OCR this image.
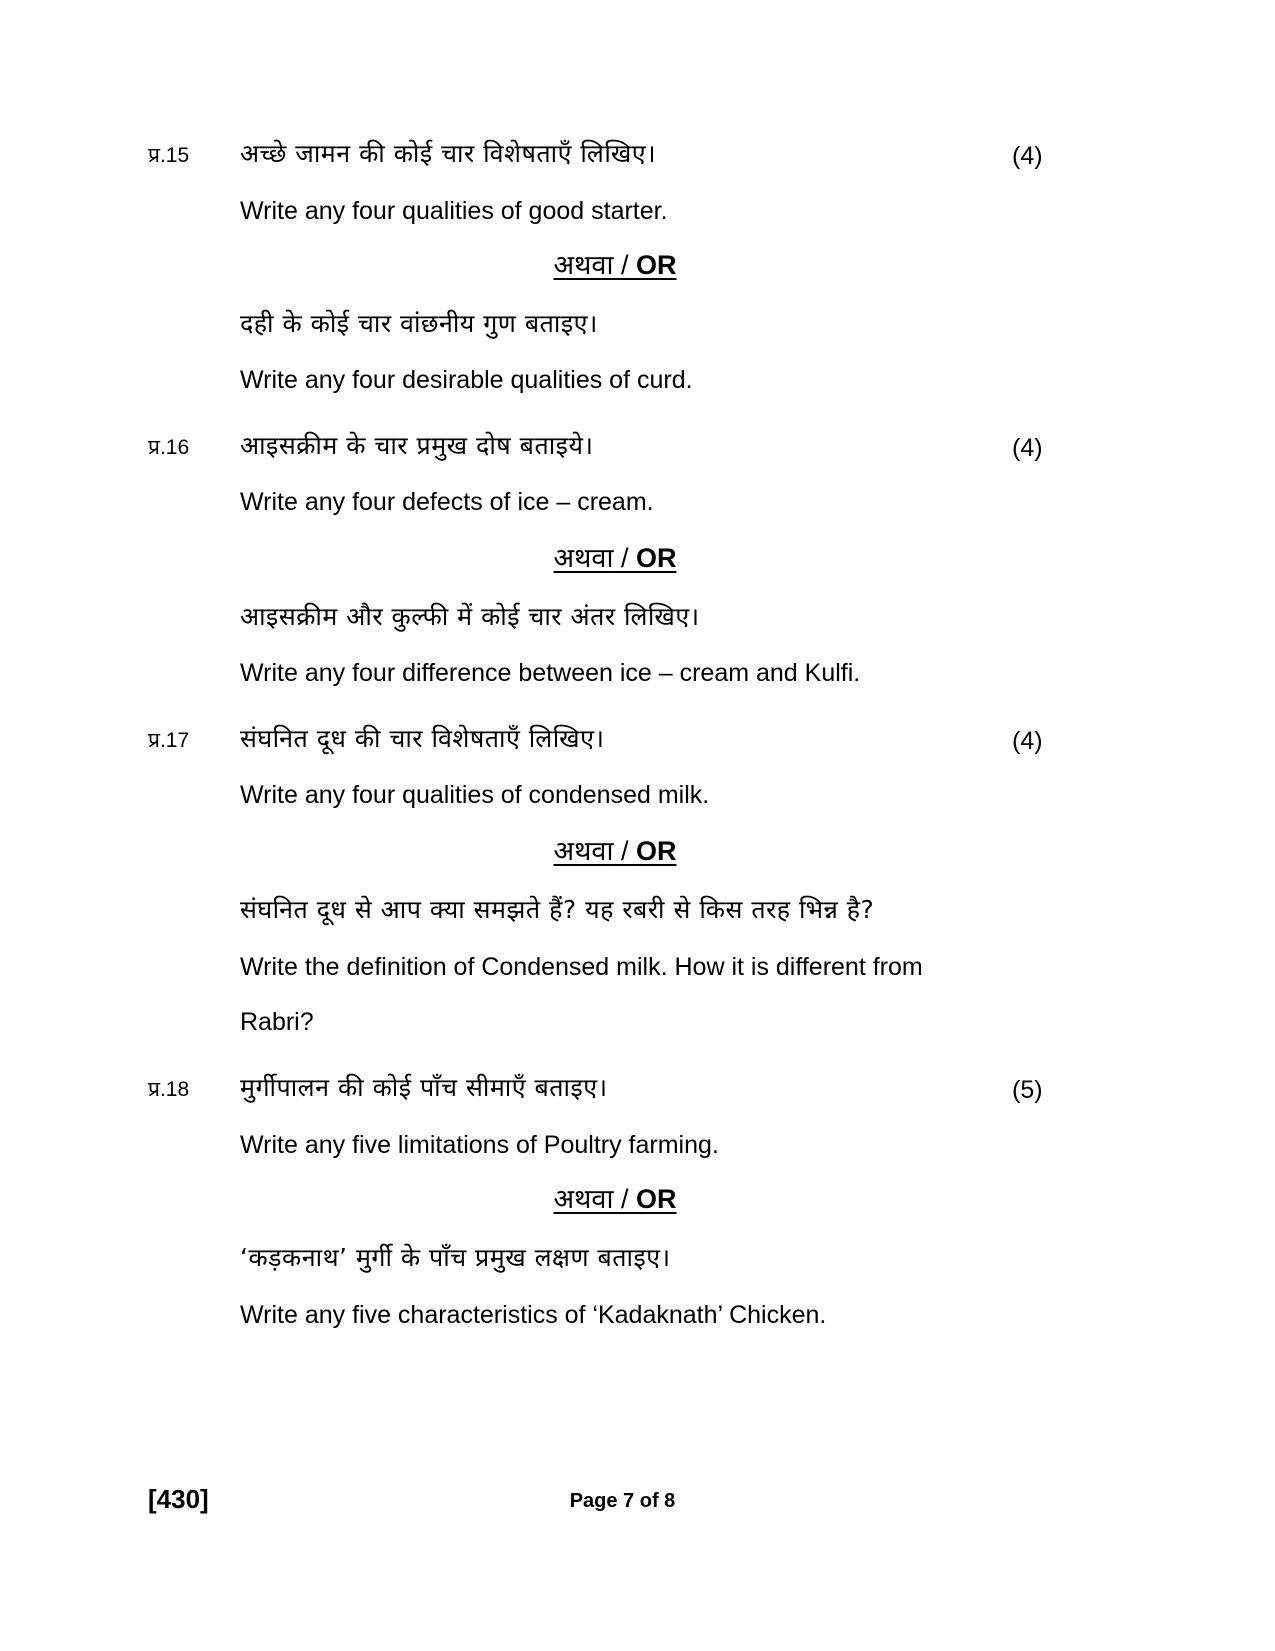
प्र.15 अच्छे जामन की कोई चार विशेषताएँ लिखिए।	(4)
Write any four qualities of good starter.
अथवा / OR
दही के कोई चार वांछनीय गुण बताइए।
Write any four desirable qualities of curd.
प्र.16 आइसक्रीम के चार प्रमुख दोष बताइये।	(4)
Write any four defects of ice – cream.
अथवा / OR
आइसक्रीम और कुल्फी में कोई चार अंतर लिखिए।
Write any four difference between ice – cream and Kulfi.
प्र.17 संघनित दूध की चार विशेषताएँ लिखिए।	(4)
Write any four qualities of condensed milk.
अथवा / OR
संघनित दूध से आप क्या समझते हैं? यह रबरी से किस तरह भिन्न है?
Write the definition of Condensed milk. How it is different from
Rabri?
प्र.18 मुर्गीपालन की कोई पाँच सीमाएँ बताइए।	(5)
Write any five limitations of Poultry farming.
अथवा / OR
‘कड़कनाथ’ मुर्गी के पाँच प्रमुख लक्षण बताइए।
Write any five characteristics of ‘Kadaknath’ Chicken.
[430]	Page 7 of 8
